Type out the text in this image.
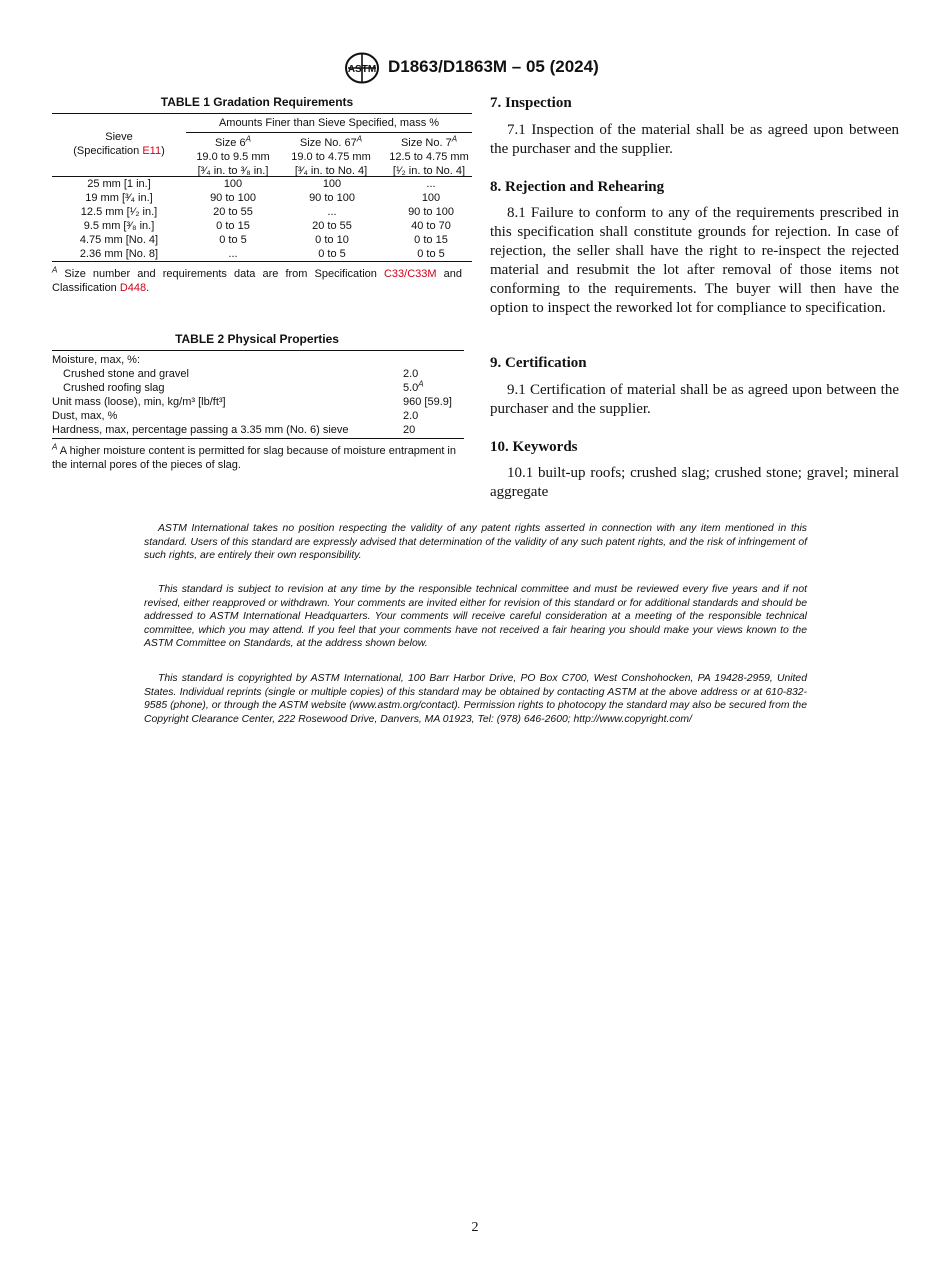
ASTM D1863/D1863M – 05 (2024)
TABLE 1 Gradation Requirements
Sieve
(Specification E11)
Amounts Finer than Sieve Specified, mass %
Size $6^A$
19.0 to 9.5 mm
[³⁄₄ in. to ³⁄₈ in.]
Size No. $67^A$
19.0 to 4.75 mm
[³⁄₄ in. to No. 4]
Size No. $7^A$
12.5 to 4.75 mm
[¹⁄₂ in. to No. 4]
25 mm [1 in.]	100	100	...
19 mm [³⁄₄ in.]	90 to 100	90 to 100	100
12.5 mm [¹⁄₂ in.]	20 to 55	...	90 to 100
9.5 mm [³⁄₈ in.]	0 to 15	20 to 55	40 to 70
4.75 mm [No. 4]	0 to 5	0 to 10	0 to 15
2.36 mm [No. 8]	...	0 to 5	0 to 5
$^A$ Size number and requirements data are from Specification C33/C33M and Classification D448.
TABLE 2 Physical Properties
Moisture, max, %:
Crushed stone and gravel	2.0
Crushed roofing slag	$5.0^A$
Unit mass (loose), min, kg/m³ [lb/ft³]	960 [59.9]
Dust, max, %	2.0
Hardness, max, percentage passing a 3.35 mm (No. 6) sieve	20
$^A$ A higher moisture content is permitted for slag because of moisture entrapment in the internal pores of the pieces of slag.
7. Inspection
7.1 Inspection of the material shall be as agreed upon between the purchaser and the supplier.
8. Rejection and Rehearing
8.1 Failure to conform to any of the requirements prescribed in this specification shall constitute grounds for rejection. In case of rejection, the seller shall have the right to re-inspect the rejected material and resubmit the lot after removal of those items not conforming to the requirements. The buyer will then have the option to inspect the reworked lot for compliance to specification.
9. Certification
9.1 Certification of material shall be as agreed upon between the purchaser and the supplier.
10. Keywords
10.1 built-up roofs; crushed slag; crushed stone; gravel; mineral aggregate
ASTM International takes no position respecting the validity of any patent rights asserted in connection with any item mentioned in this standard. Users of this standard are expressly advised that determination of the validity of any such patent rights, and the risk of infringement of such rights, are entirely their own responsibility.
This standard is subject to revision at any time by the responsible technical committee and must be reviewed every five years and if not revised, either reapproved or withdrawn. Your comments are invited either for revision of this standard or for additional standards and should be addressed to ASTM International Headquarters. Your comments will receive careful consideration at a meeting of the responsible technical committee, which you may attend. If you feel that your comments have not received a fair hearing you should make your views known to the ASTM Committee on Standards, at the address shown below.
This standard is copyrighted by ASTM International, 100 Barr Harbor Drive, PO Box C700, West Conshohocken, PA 19428-2959, United States. Individual reprints (single or multiple copies) of this standard may be obtained by contacting ASTM at the above address or at 610-832-9585 (phone), or through the ASTM website (www.astm.org/contact). Permission rights to photocopy the standard may also be secured from the Copyright Clearance Center, 222 Rosewood Drive, Danvers, MA 01923, Tel: (978) 646-2600; http://www.copyright.com/
2
